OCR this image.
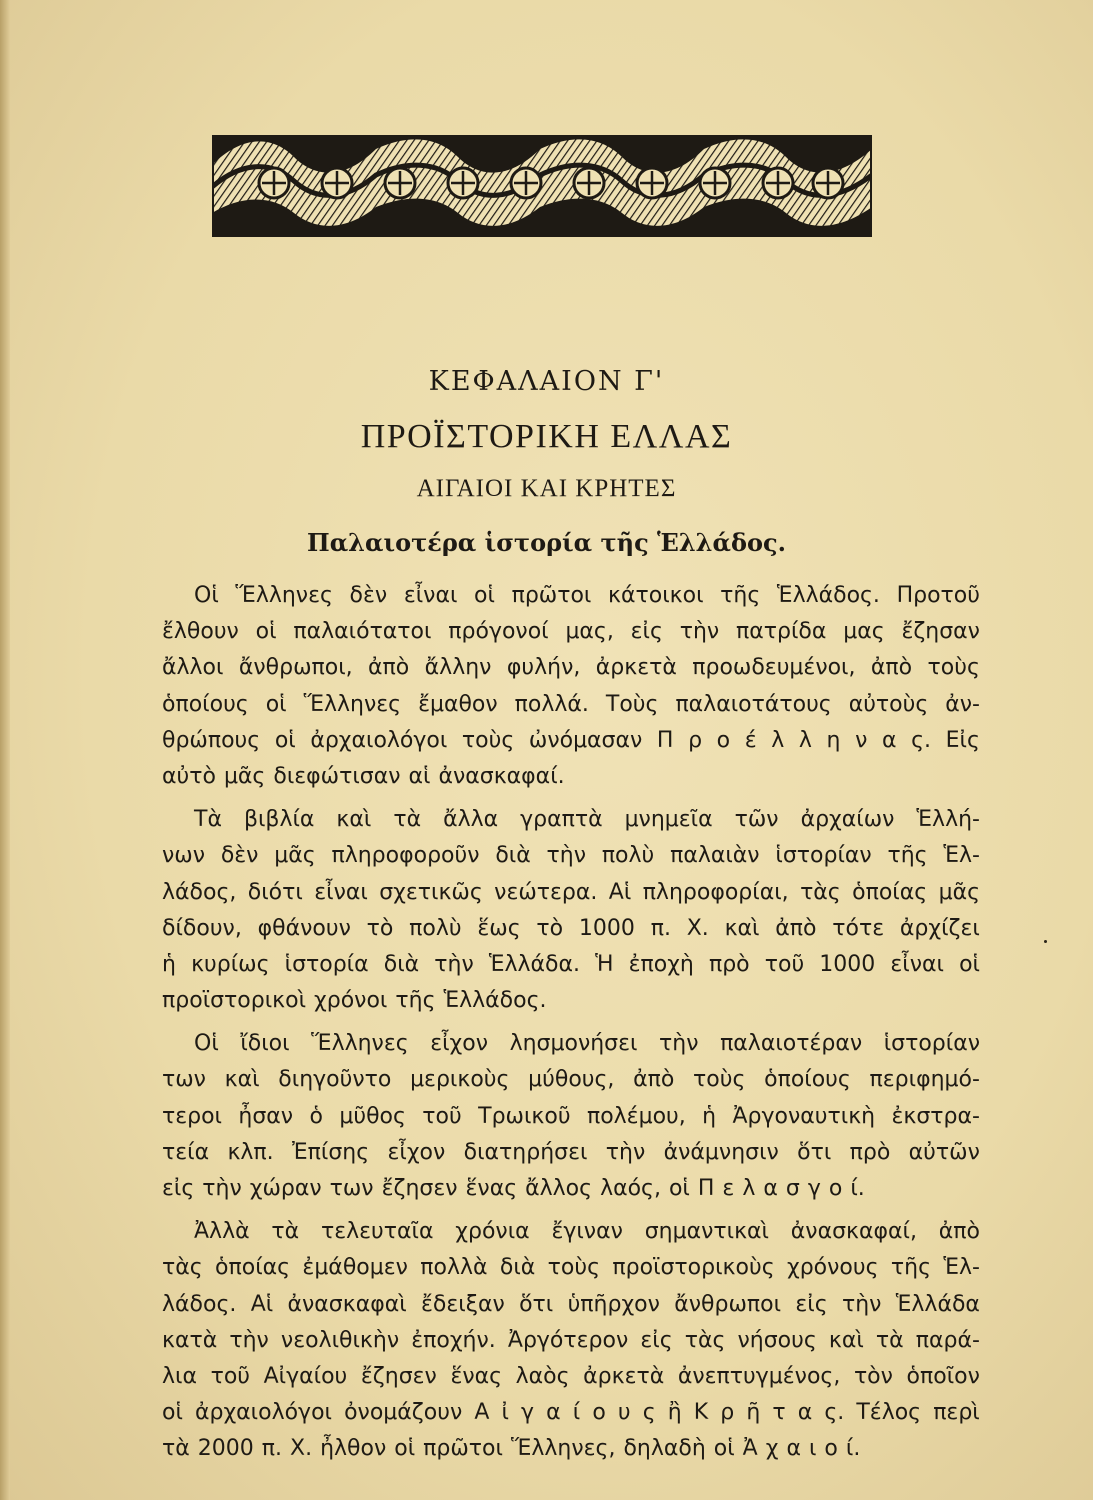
ΚΕΦΑΛΑΙΟΝ Γ'
ΠΡΟΪΣΤΟΡΙΚΗ ΕΛΛΑΣ
ΑΙΓΑΙΟΙ ΚΑΙ ΚΡΗΤΕΣ
Παλαιοτέρα ἱστορία τῆς Ἑλλάδος.
Οἱ Ἕλληνες δὲν εἶναι οἱ πρῶτοι κάτοικοι τῆς Ἑλλάδος. Προτοῦ
ἔλθουν οἱ παλαιότατοι πρόγονοί μας, εἰς τὴν πατρίδα μας ἔζησαν
ἄλλοι ἄνθρωποι, ἀπὸ ἄλλην φυλήν, ἀρκετὰ προωδευμένοι, ἀπὸ τοὺς
ὁποίους οἱ Ἕλληνες ἔμαθον πολλά. Τοὺς παλαιοτάτους αὐτοὺς ἀν-
θρώπους οἱ ἀρχαιολόγοι τοὺς ὠνόμασαν Π ρ ο έ λ λ η ν α ς. Εἰς
αὐτὸ μᾶς διεφώτισαν αἱ ἀνασκαφαί.
Τὰ βιβλία καὶ τὰ ἄλλα γραπτὰ μνημεῖα τῶν ἀρχαίων Ἑλλή-
νων δὲν μᾶς πληροφοροῦν διὰ τὴν πολὺ παλαιὰν ἱστορίαν τῆς Ἑλ-
λάδος, διότι εἶναι σχετικῶς νεώτερα. Αἱ πληροφορίαι, τὰς ὁποίας μᾶς
δίδουν, φθάνουν τὸ πολὺ ἕως τὸ 1000 π. Χ. καὶ ἀπὸ τότε ἀρχίζει
ἡ κυρίως ἱστορία διὰ τὴν Ἑλλάδα. Ἡ ἐποχὴ πρὸ τοῦ 1000 εἶναι οἱ
προϊστορικοὶ χρόνοι τῆς Ἑλλάδος.
Οἱ ἴδιοι Ἕλληνες εἶχον λησμονήσει τὴν παλαιοτέραν ἱστορίαν
των καὶ διηγοῦντο μερικοὺς μύθους, ἀπὸ τοὺς ὁποίους περιφημό-
τεροι ἦσαν ὁ μῦθος τοῦ Τρωικοῦ πολέμου, ἡ Ἀργοναυτικὴ ἐκστρα-
τεία κλπ. Ἐπίσης εἶχον διατηρήσει τὴν ἀνάμνησιν ὅτι πρὸ αὐτῶν
εἰς τὴν χώραν των ἔζησεν ἕνας ἄλλος λαός, οἱ Π ε λ α σ γ ο ί.
Ἀλλὰ τὰ τελευταῖα χρόνια ἔγιναν σημαντικαὶ ἀνασκαφαί, ἀπὸ
τὰς ὁποίας ἐμάθομεν πολλὰ διὰ τοὺς προϊστορικοὺς χρόνους τῆς Ἑλ-
λάδος. Αἱ ἀνασκαφαὶ ἔδειξαν ὅτι ὑπῆρχον ἄνθρωποι εἰς τὴν Ἑλλάδα
κατὰ τὴν νεολιθικὴν ἐποχήν. Ἀργότερον εἰς τὰς νήσους καὶ τὰ παρά-
λια τοῦ Αἰγαίου ἔζησεν ἕνας λαὸς ἀρκετὰ ἀνεπτυγμένος, τὸν ὁποῖον
οἱ ἀρχαιολόγοι ὀνομάζουν Α ἰ γ α ί ο υ ς ἢ Κ ρ ῆ τ α ς. Τέλος περὶ
τὰ 2000 π. Χ. ἦλθον οἱ πρῶτοι Ἕλληνες, δηλαδὴ οἱ Ἀ χ α ι ο ί.
